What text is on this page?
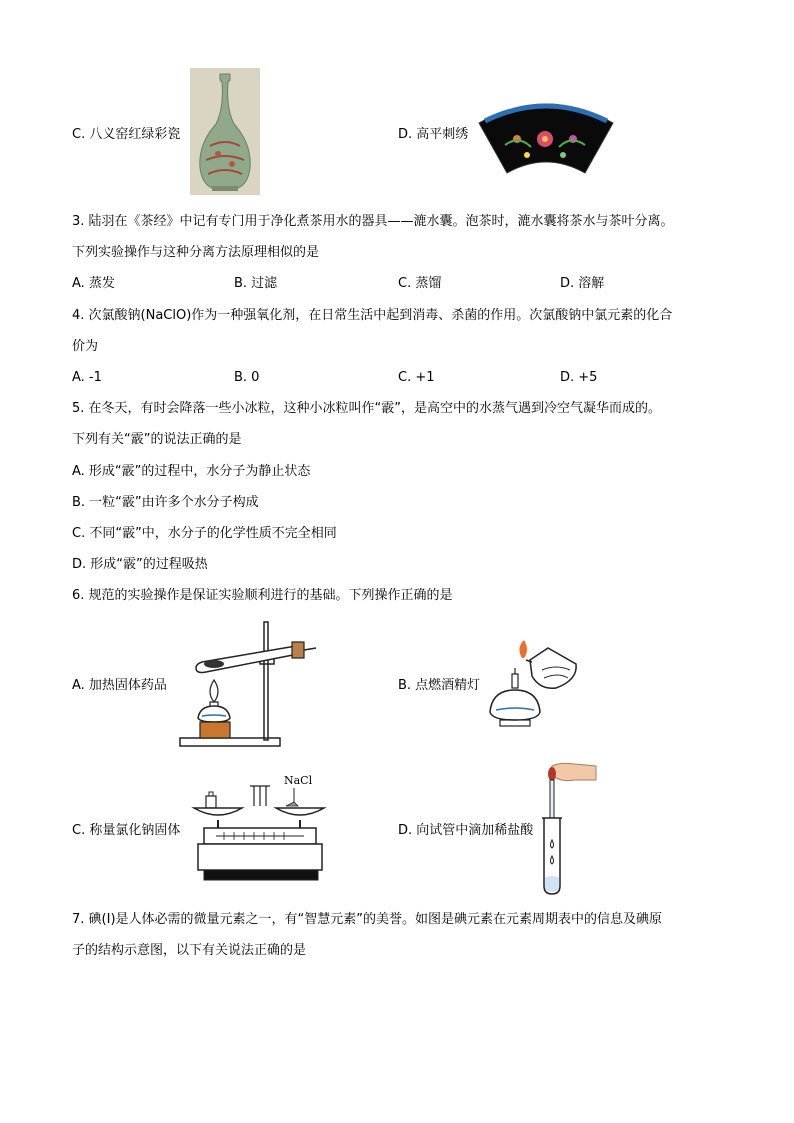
C. 八义窑红绿彩瓷	D. 高平刺绣
3. 陆羽在《茶经》中记有专门用于净化煮茶用水的器具——漉水囊。泡茶时，漉水囊将茶水与茶叶分离。
下列实验操作与这种分离方法原理相似的是
A. 蒸发	B. 过滤	C. 蒸馏	D. 溶解
4. 次氯酸钠(NaClO)作为一种强氧化剂，在日常生活中起到消毒、杀菌的作用。次氯酸钠中氯元素的化合
价为
A. -1	B. 0	C. +1	D. +5
5. 在冬天，有时会降落一些小冰粒，这种小冰粒叫作“霰”，是高空中的水蒸气遇到冷空气凝华而成的。
下列有关“霰”的说法正确的是
A. 形成“霰”的过程中，水分子为静止状态
B. 一粒“霰”由许多个水分子构成
C. 不同“霰”中，水分子的化学性质不完全相同
D. 形成“霰”的过程吸热
6. 规范的实验操作是保证实验顺利进行的基础。下列操作正确的是
A. 加热固体药品	B. 点燃酒精灯
C. 称量氯化钠固体
NaCl
D. 向试管中滴加稀盐酸
7. 碘(I)是人体必需的微量元素之一，有“智慧元素”的美誉。如图是碘元素在元素周期表中的信息及碘原
子的结构示意图，以下有关说法正确的是
